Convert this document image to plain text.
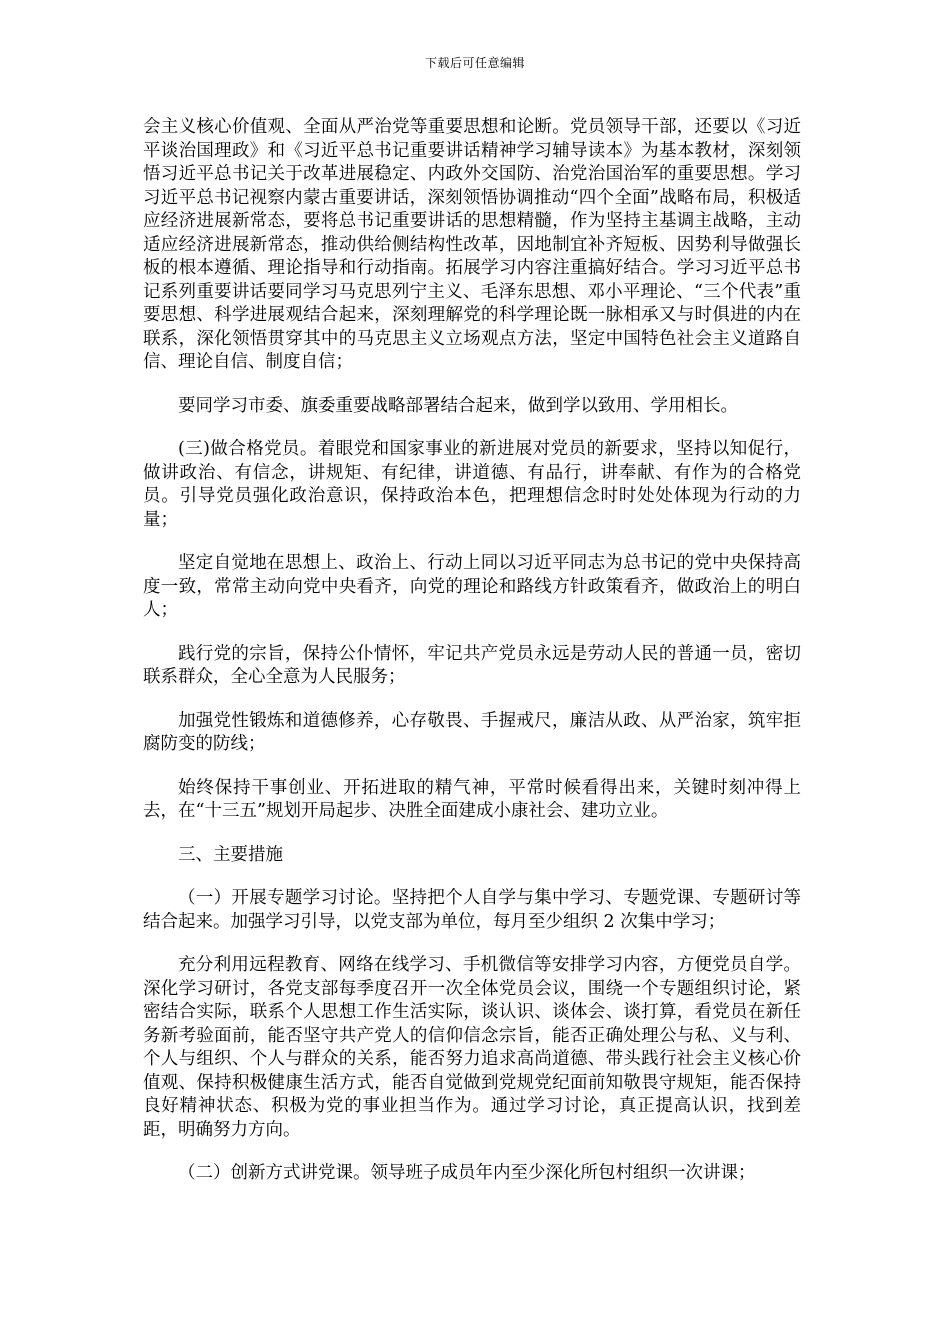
下载后可任意编辑

会主义核心价值观、全面从严治党等重要思想和论断。党员领导干部，还要以《习近平谈治国理政》和《习近平总书记重要讲话精神学习辅导读本》为基本教材，深刻领悟习近平总书记关于改革进展稳定、内政外交国防、治党治国治军的重要思想。学习习近平总书记视察内蒙古重要讲话，深刻领悟协调推动“四个全面”战略布局，积极适应经济进展新常态，要将总书记重要讲话的思想精髓，作为坚持主基调主战略，主动适应经济进展新常态，推动供给侧结构性改革，因地制宜补齐短板、因势利导做强长板的根本遵循、理论指导和行动指南。拓展学习内容注重搞好结合。学习习近平总书记系列重要讲话要同学习马克思列宁主义、毛泽东思想、邓小平理论、“三个代表”重要思想、科学进展观结合起来，深刻理解党的科学理论既一脉相承又与时俱进的内在联系，深化领悟贯穿其中的马克思主义立场观点方法，坚定中国特色社会主义道路自信、理论自信、制度自信；

要同学习市委、旗委重要战略部署结合起来，做到学以致用、学用相长。

(三)做合格党员。着眼党和国家事业的新进展对党员的新要求，坚持以知促行，做讲政治、有信念，讲规矩、有纪律，讲道德、有品行，讲奉献、有作为的合格党员。引导党员强化政治意识，保持政治本色，把理想信念时时处处体现为行动的力量；

坚定自觉地在思想上、政治上、行动上同以习近平同志为总书记的党中央保持高度一致，常常主动向党中央看齐，向党的理论和路线方针政策看齐，做政治上的明白人；

践行党的宗旨，保持公仆情怀，牢记共产党员永远是劳动人民的普通一员，密切联系群众，全心全意为人民服务；

加强党性锻炼和道德修养，心存敬畏、手握戒尺，廉洁从政、从严治家，筑牢拒腐防变的防线；

始终保持干事创业、开拓进取的精气神，平常时候看得出来，关键时刻冲得上去，在“十三五”规划开局起步、决胜全面建成小康社会、建功立业。

三、主要措施

（一）开展专题学习讨论。坚持把个人自学与集中学习、专题党课、专题研讨等结合起来。加强学习引导，以党支部为单位，每月至少组织 2 次集中学习；

充分利用远程教育、网络在线学习、手机微信等安排学习内容，方便党员自学。深化学习研讨，各党支部每季度召开一次全体党员会议，围绕一个专题组织讨论，紧密结合实际，联系个人思想工作生活实际，谈认识、谈体会、谈打算，看党员在新任务新考验面前，能否坚守共产党人的信仰信念宗旨，能否正确处理公与私、义与利、个人与组织、个人与群众的关系，能否努力追求高尚道德、带头践行社会主义核心价值观、保持积极健康生活方式，能否自觉做到党规党纪面前知敬畏守规矩，能否保持良好精神状态、积极为党的事业担当作为。通过学习讨论，真正提高认识，找到差距，明确努力方向。

（二）创新方式讲党课。领导班子成员年内至少深化所包村组织一次讲课；
